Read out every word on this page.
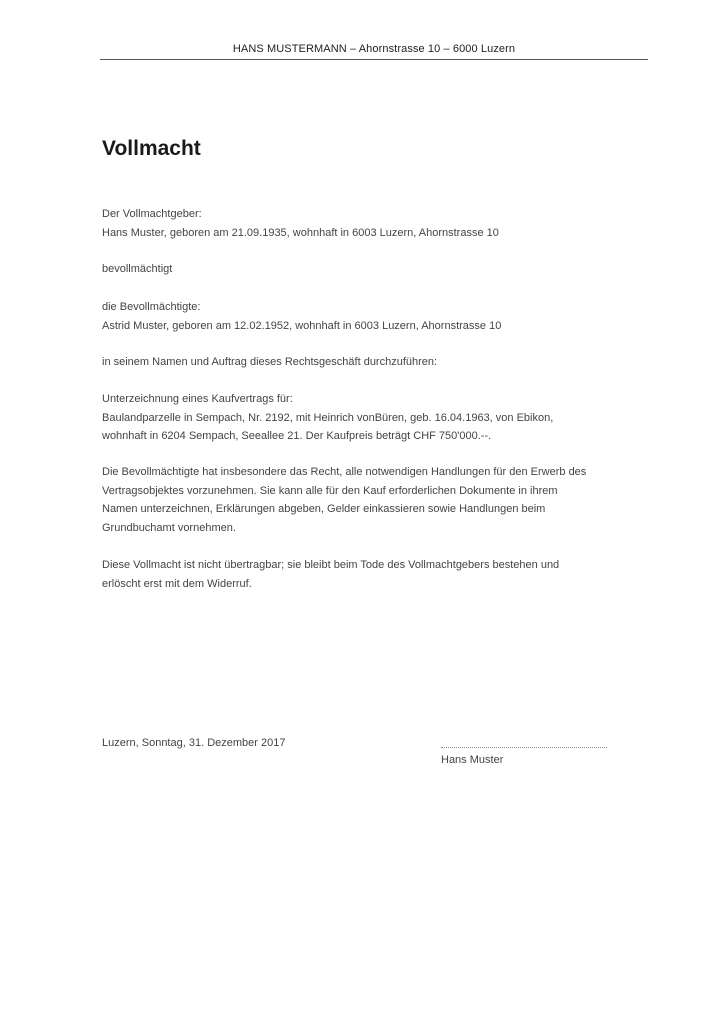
HANS MUSTERMANN – Ahornstrasse 10 – 6000 Luzern
Vollmacht
Der Vollmachtgeber:
Hans Muster, geboren am 21.09.1935, wohnhaft in 6003 Luzern, Ahornstrasse 10
bevollmächtigt
die Bevollmächtigte:
Astrid Muster, geboren am 12.02.1952, wohnhaft in 6003 Luzern, Ahornstrasse 10
in seinem Namen und Auftrag dieses Rechtsgeschäft durchzuführen:
Unterzeichnung eines Kaufvertrags für:
Baulandparzelle in Sempach, Nr. 2192, mit Heinrich vonBüren, geb. 16.04.1963, von Ebikon,
wohnhaft in 6204 Sempach, Seeallee 21. Der Kaufpreis beträgt CHF 750'000.--.
Die Bevollmächtigte hat insbesondere das Recht, alle notwendigen Handlungen für den Erwerb des
Vertragsobjektes vorzunehmen. Sie kann alle für den Kauf erforderlichen Dokumente in ihrem
Namen unterzeichnen, Erklärungen abgeben, Gelder einkassieren sowie Handlungen beim
Grundbuchamt vornehmen.
Diese Vollmacht ist nicht übertragbar; sie bleibt beim Tode des Vollmachtgebers bestehen und
erlöscht erst mit dem Widerruf.
Luzern, Sonntag, 31. Dezember 2017
Hans Muster
